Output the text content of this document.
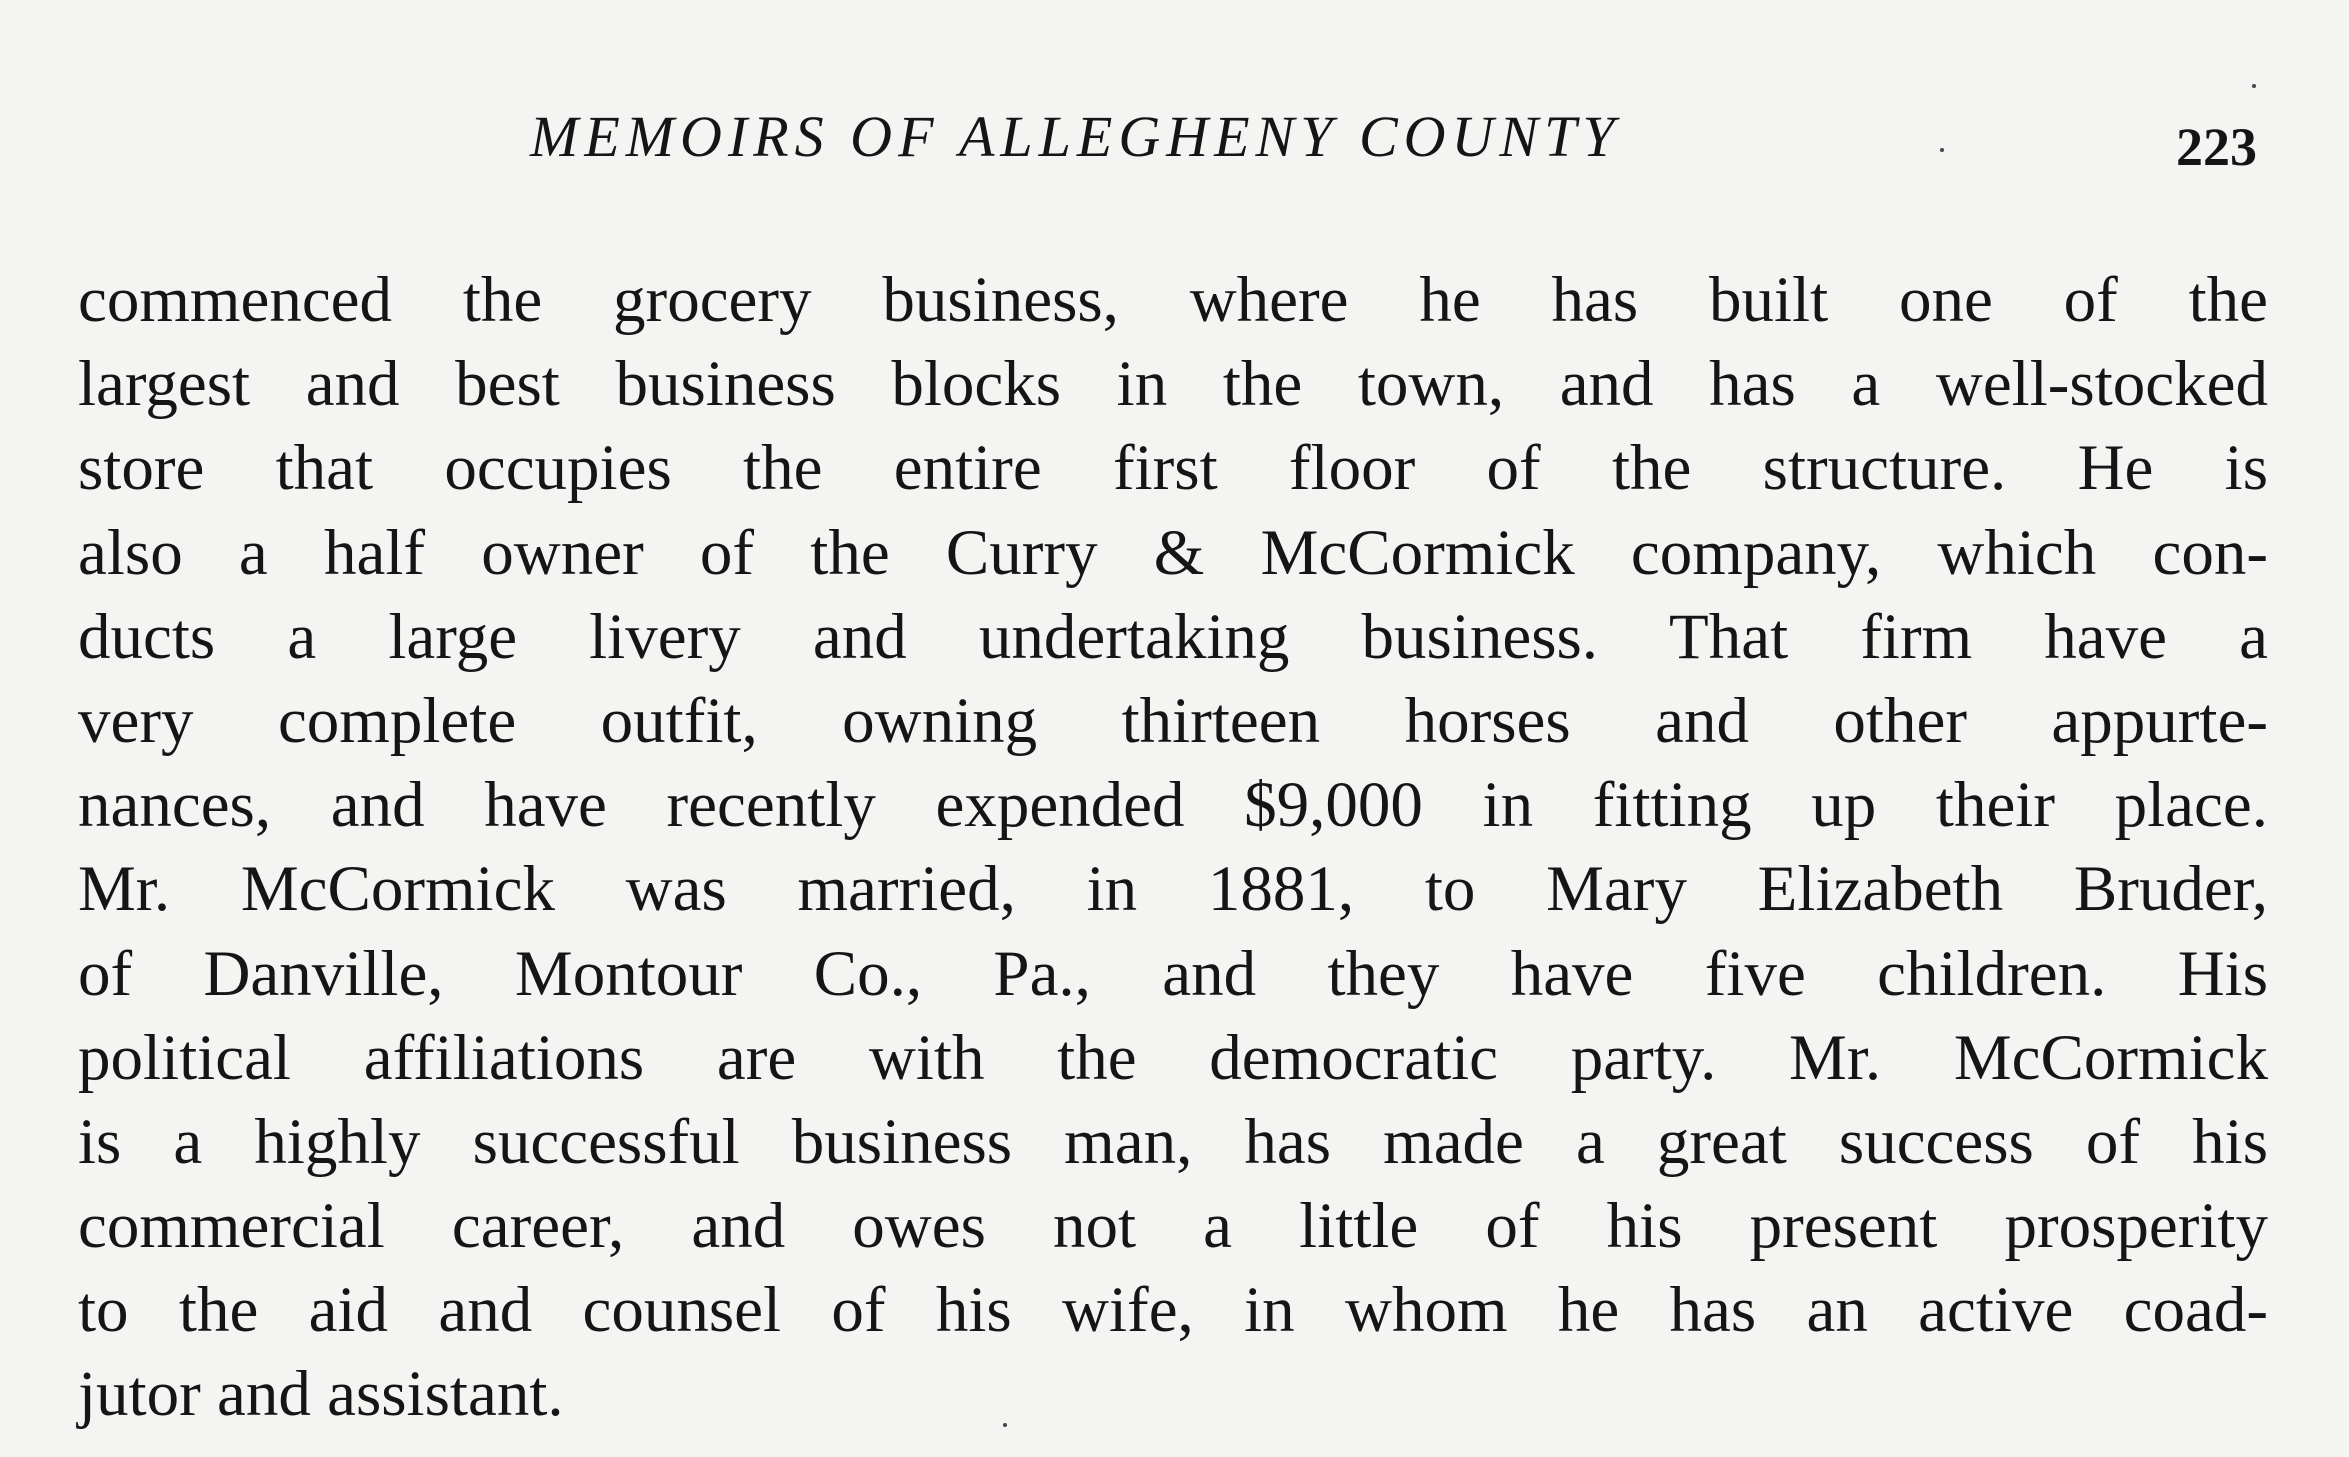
MEMOIRS OF ALLEGHENY COUNTY	223
commenced the grocery business, where he has built one of the
largest and best business blocks in the town, and has a well-stocked
store that occupies the entire first floor of the structure. He is
also a half owner of the Curry & McCormick company, which con-
ducts a large livery and undertaking business. That firm have a
very complete outfit, owning thirteen horses and other appurte-
nances, and have recently expended $9,000 in fitting up their place.
Mr. McCormick was married, in 1881, to Mary Elizabeth Bruder,
of Danville, Montour Co., Pa., and they have five children. His
political affiliations are with the democratic party. Mr. McCormick
is a highly successful business man, has made a great success of his
commercial career, and owes not a little of his present prosperity
to the aid and counsel of his wife, in whom he has an active coad-
jutor and assistant.
